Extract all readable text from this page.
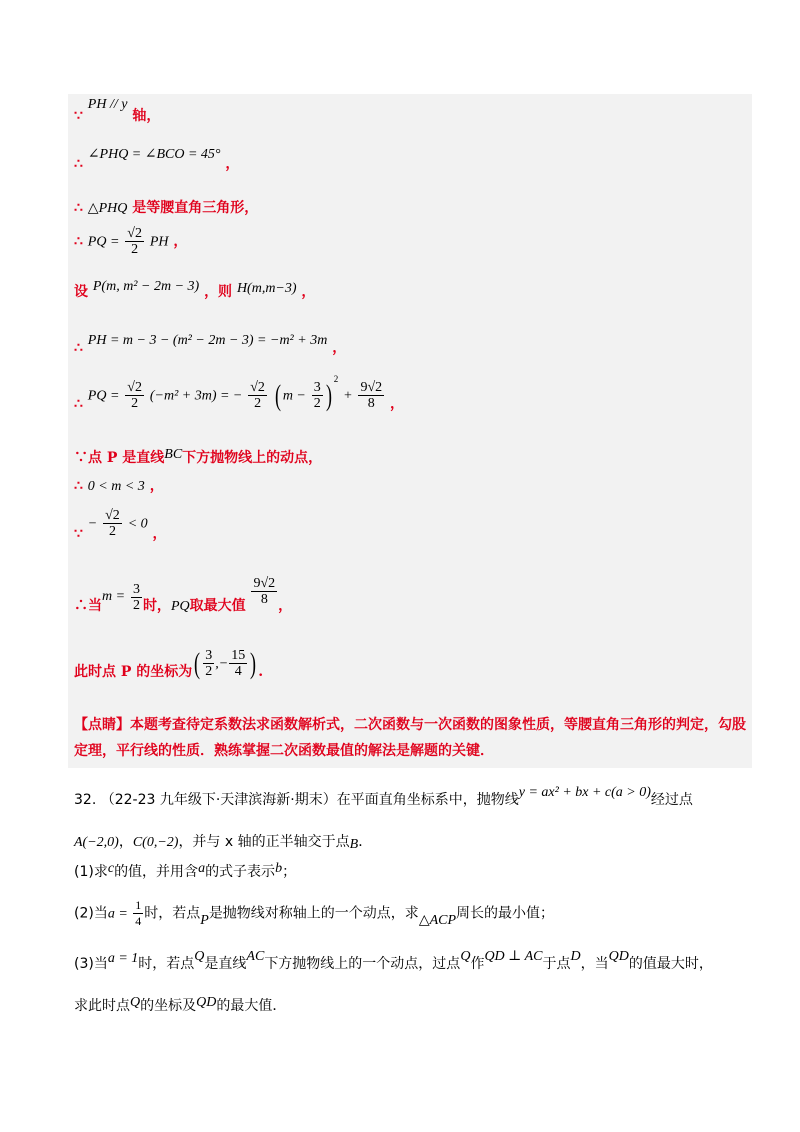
∵ PH // y 轴，
∴ ∠PHQ = ∠BCO = 45° ，
∴ △PHQ 是等腰直角三角形，
∴ PQ = $\frac{√2}{2}$ PH ，
设 P(m, m² − 2m − 3) ，则 H(m,m−3) ，
∴ PH = m − 3 − (m² − 2m − 3) = −m² + 3m ，
∴ PQ = $\frac{√2}{2} (-m^2 + 3m)$ = − $\frac{√2}{2}$ ( $m - \frac{3}{2}$ ) $^2 + \frac{9√2}{8}$ ，
∵点 P 是直线BC下方抛物线上的动点，
∴ 0 < m < 3 ，
∵ − $\frac{√2}{2} < 0$ ，
∴当$m = \frac{3}{2}$ 时，PQ取最大值 $\frac{9√2}{8}$ ，
此时点 P 的坐标为( $\frac{3}{2}$ ,− $\frac{15}{4}$ ) .
【点睛】本题考查待定系数法求函数解析式，二次函数与一次函数的图象性质，等腰直角三角形的判定，勾股定理，平行线的性质．熟练掌握二次函数最值的解法是解题的关键．
32. （22-23 九年级下·天津滨海新·期末）在平面直角坐标系中，抛物线y = ax² + bx + c(a > 0)经过点
A(−2,0)，C(0,−2)，并与 x 轴的正半轴交于点B．
(1)求c的值，并用含a的式子表示b；
(2)当$a = \frac{1}{4}$ 时，若点P是抛物线对称轴上的一个动点，求△ACP周长的最小值；
(3)当a = 1时，若点Q是直线AC下方抛物线上的一个动点，过点Q作QD ⊥ AC于点D，当QD的值最大时，
求此时点Q的坐标及QD的最大值．
